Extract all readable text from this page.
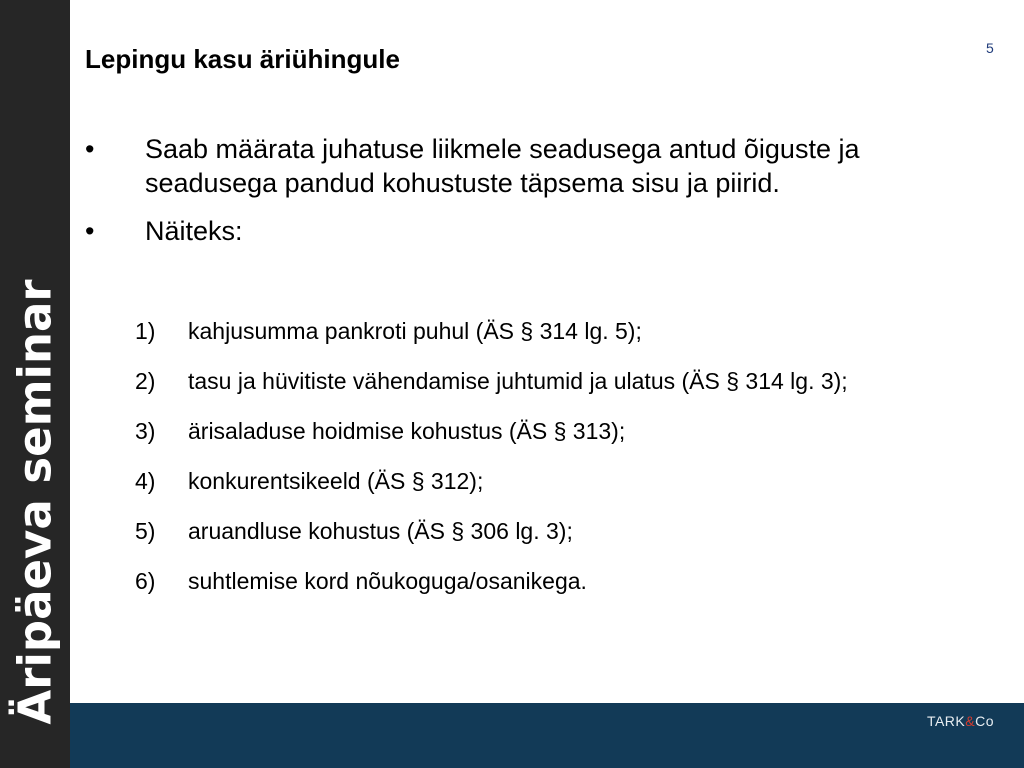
Äripäeva seminar
Lepingu kasu äriühingule	5
• Saab määrata juhatuse liikmele seadusega antud õiguste ja seadusega pandud kohustuste täpsema sisu ja piirid.
• Näiteks:
1) kahjusumma pankroti puhul (ÄS § 314 lg. 5);
2) tasu ja hüvitiste vähendamise juhtumid ja ulatus (ÄS § 314 lg. 3);
3) ärisaladuse hoidmise kohustus (ÄS § 313);
4) konkurentsikeeld (ÄS § 312);
5) aruandluse kohustus (ÄS § 306 lg. 3);
6) suhtlemise kord nõukoguga/osanikega.
TARK&Co
